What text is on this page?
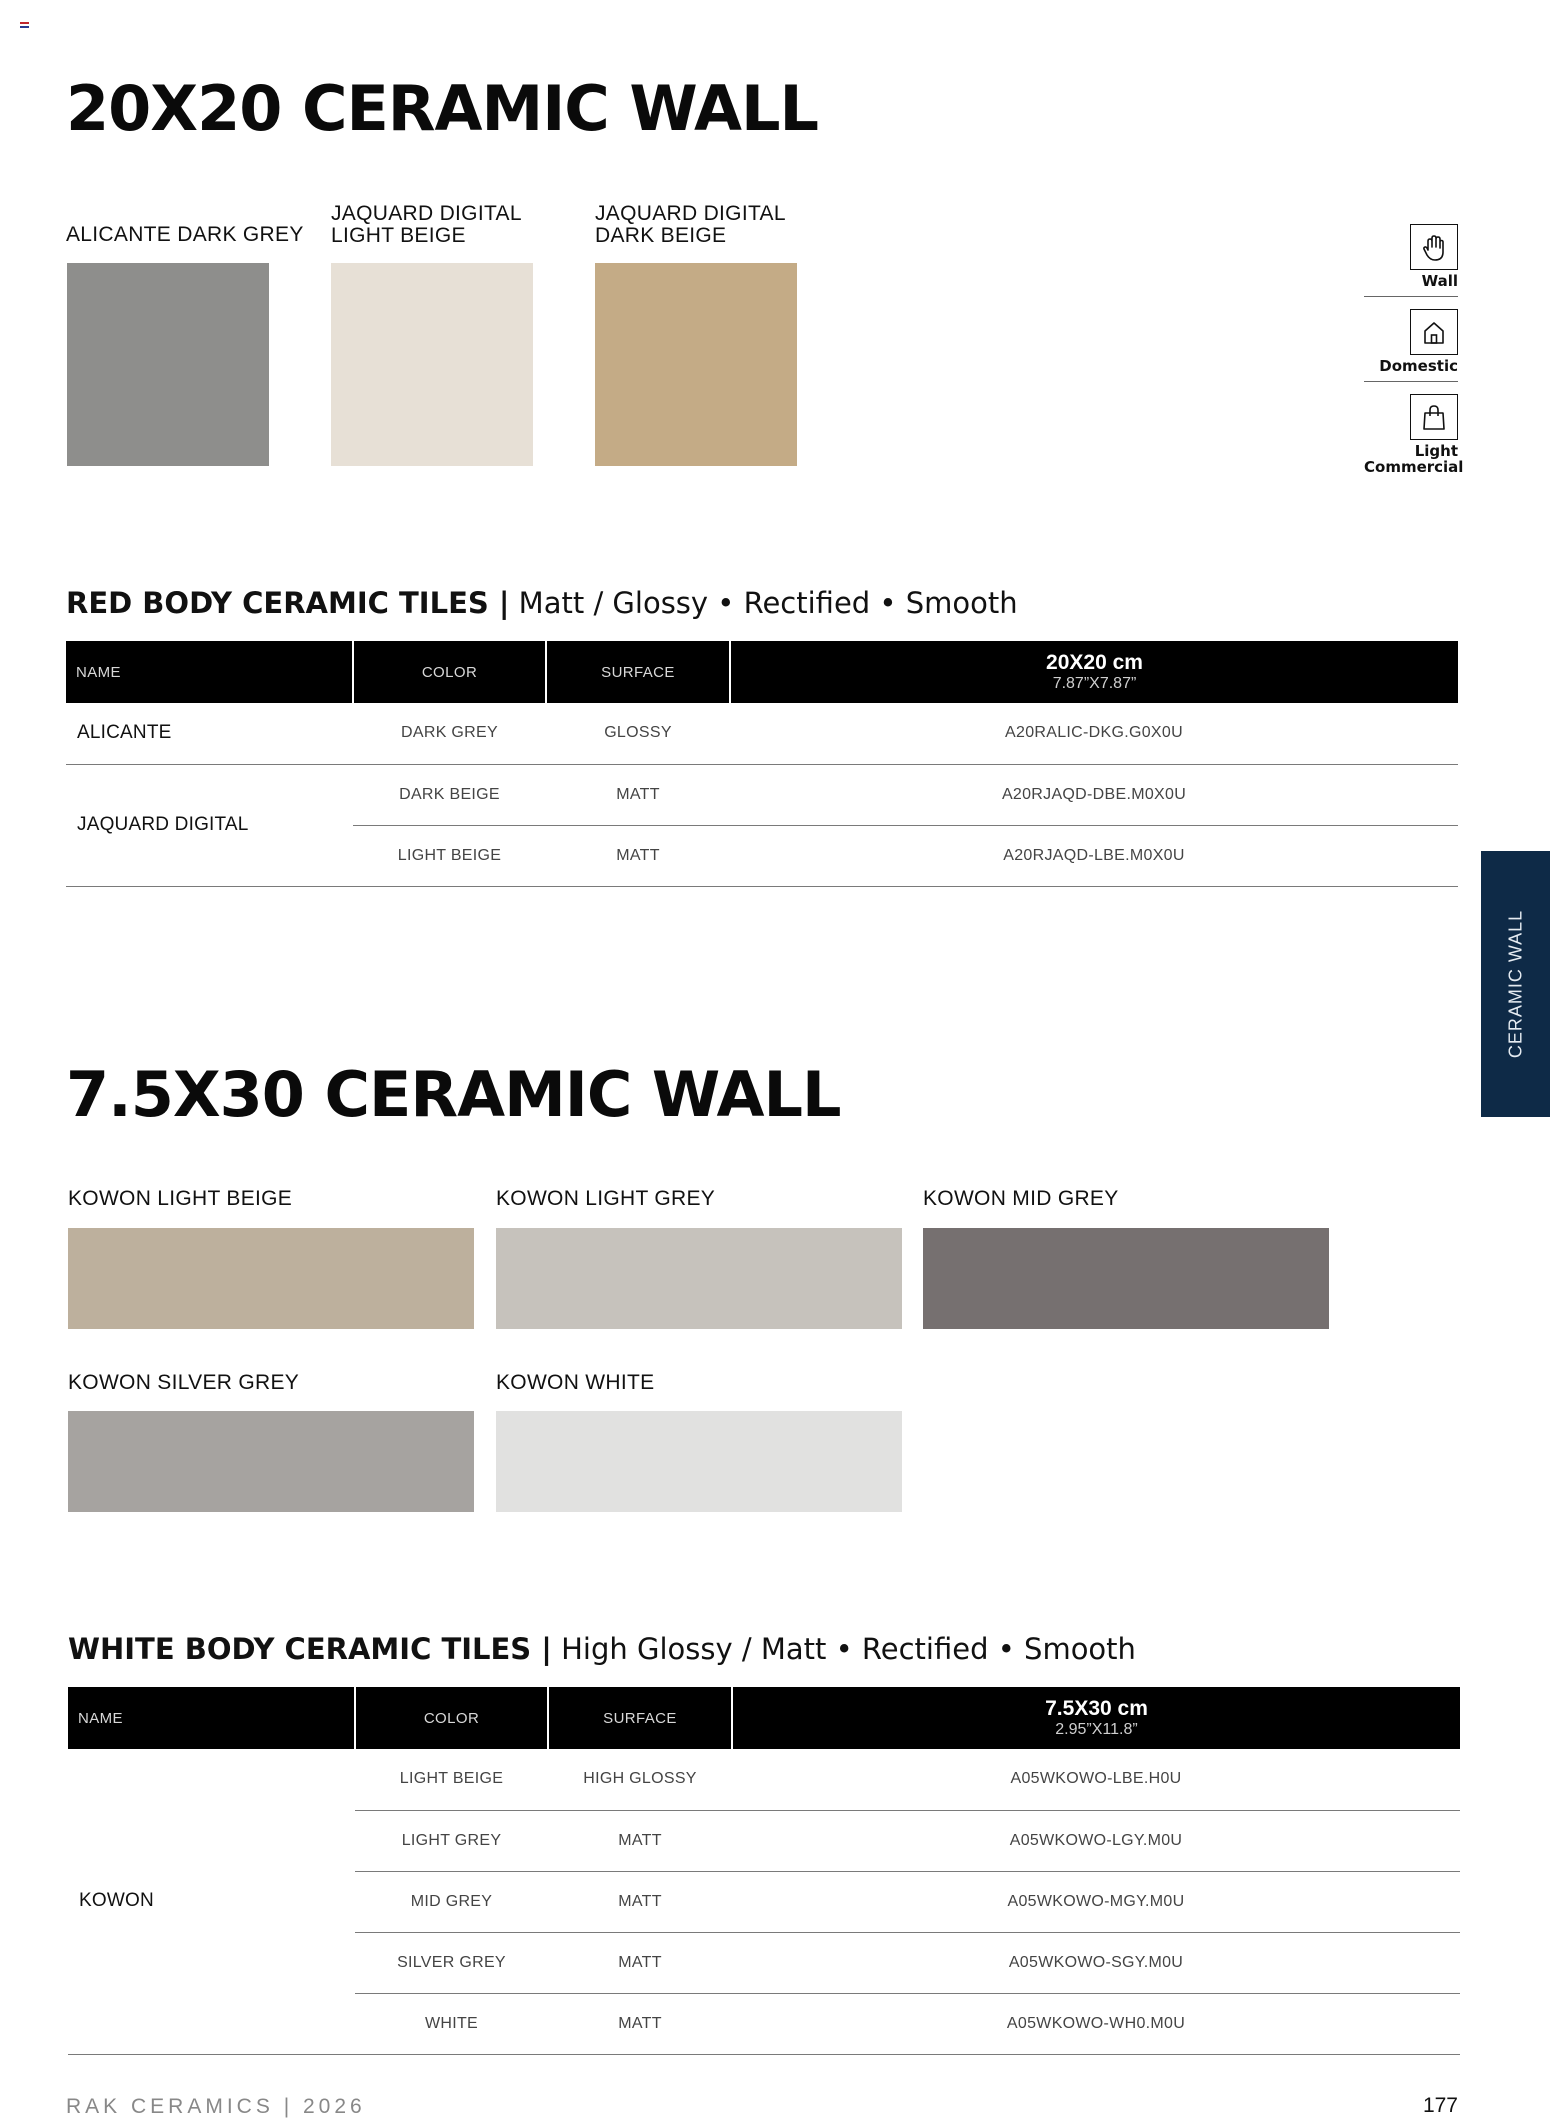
20X20 CERAMIC WALL
ALICANTE DARK GREY
JAQUARD DIGITAL
LIGHT BEIGE
JAQUARD DIGITAL
DARK BEIGE
Wall
Domestic
Light
Commercial
RED BODY CERAMIC TILES | Matt / Glossy • Rectified • Smooth
NAME	COLOR	SURFACE	20X20 cm
7.87”X7.87”

ALICANTE	DARK GREY	GLOSSY	A20RALIC-DKG.G0X0U
JAQUARD DIGITAL	DARK BEIGE	MATT	A20RJAQD-DBE.M0X0U
	LIGHT BEIGE	MATT	A20RJAQD-LBE.M0X0U
CERAMIC WALL
7.5X30 CERAMIC WALL
KOWON LIGHT BEIGE	KOWON LIGHT GREY	KOWON MID GREY
KOWON SILVER GREY	KOWON WHITE
WHITE BODY CERAMIC TILES | High Glossy / Matt • Rectified • Smooth
NAME	COLOR	SURFACE	7.5X30 cm
2.95”X11.8”

KOWON	LIGHT BEIGE	HIGH GLOSSY	A05WKOWO-LBE.H0U
	LIGHT GREY	MATT	A05WKOWO-LGY.M0U
	MID GREY	MATT	A05WKOWO-MGY.M0U
	SILVER GREY	MATT	A05WKOWO-SGY.M0U
	WHITE	MATT	A05WKOWO-WH0.M0U
RAK CERAMICS | 2026	177
